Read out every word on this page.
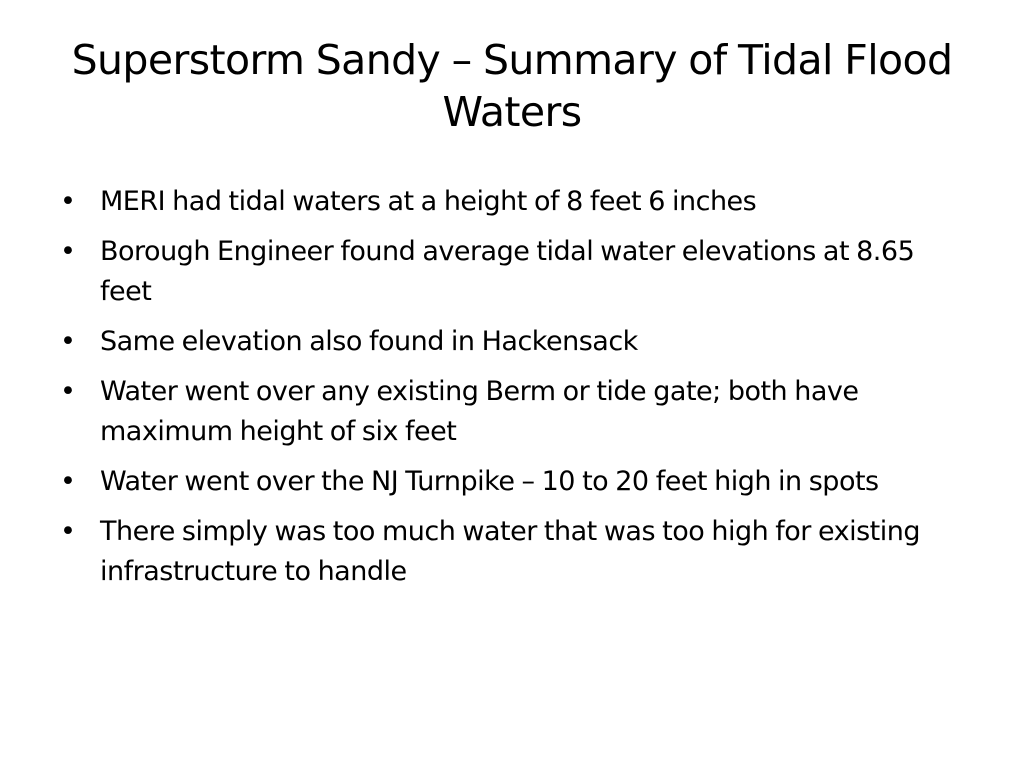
Superstorm Sandy – Summary of Tidal Flood Waters
• MERI had tidal waters at a height of 8 feet 6 inches
• Borough Engineer found average tidal water elevations at 8.65 feet
• Same elevation also found in Hackensack
• Water went over any existing Berm or tide gate; both have maximum height of six feet
• Water went over the NJ Turnpike – 10 to 20 feet high in spots
• There simply was too much water that was too high for existing infrastructure to handle
